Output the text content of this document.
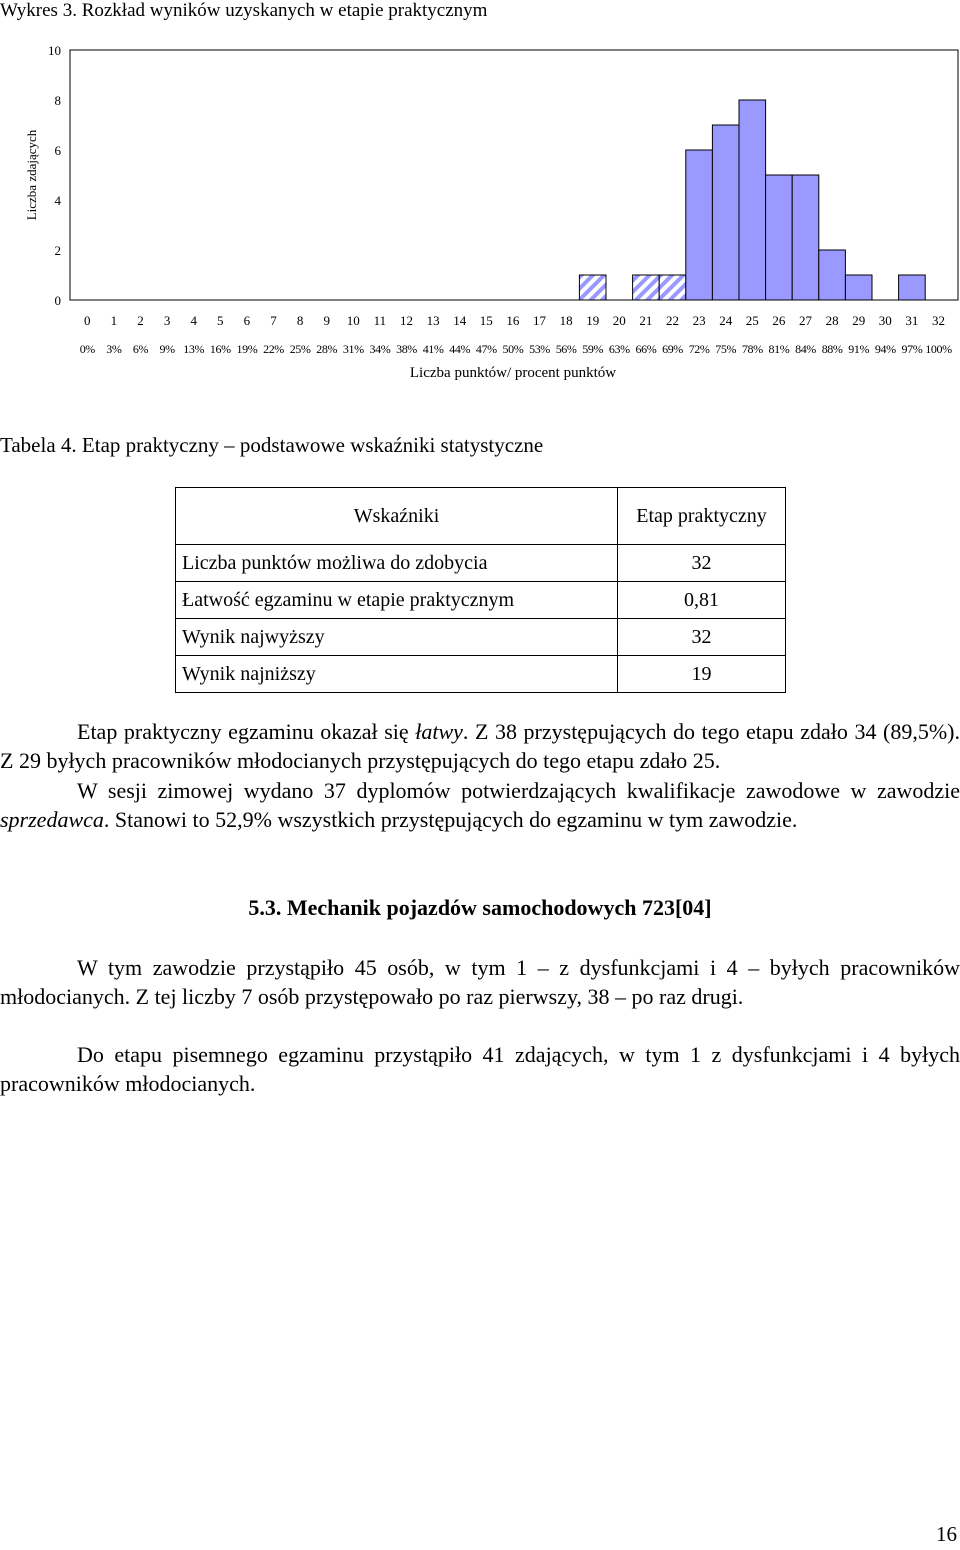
Wykres 3. Rozkład wyników uzyskanych w etapie praktycznym
Liczba zdających
Liczba punktów/ procent punktów
0
2
4
6
8
10
0 1 2 3 4 5 6 7 8 9 10 11 12 13 14 15 16 17 18 19 20 21 22 23 24 25 26 27 28 29 30 31 32
0% 3% 6% 9% 13% 16% 19% 22% 25% 28% 31% 34% 38% 41% 44% 47% 50% 53% 56% 59% 63% 66% 69% 72% 75% 78% 81% 84% 88% 91% 94% 97% 100%
Tabela 4. Etap praktyczny – podstawowe wskaźniki statystyczne
Wskaźniki	Etap praktyczny
Liczba punktów możliwa do zdobycia	32
Łatwość egzaminu w etapie praktycznym	0,81
Wynik najwyższy	32
Wynik najniższy	19

Etap praktyczny egzaminu okazał się łatwy. Z 38 przystępujących do tego etapu zdało 34 (89,5%). Z 29 byłych pracowników młodocianych przystępujących do tego etapu zdało 25.

W sesji zimowej wydano 37 dyplomów potwierdzających kwalifikacje zawodowe w zawodzie sprzedawca. Stanowi to 52,9% wszystkich przystępujących do egzaminu w tym zawodzie.

5.3. Mechanik pojazdów samochodowych 723[04]

W tym zawodzie przystąpiło 45 osób, w tym 1 – z dysfunkcjami i 4 – byłych pracowników młodocianych. Z tej liczby 7 osób przystępowało po raz pierwszy, 38 – po raz drugi.

Do etapu pisemnego egzaminu przystąpiło 41 zdających, w tym 1 z dysfunkcjami i 4 byłych pracowników młodocianych.

16
